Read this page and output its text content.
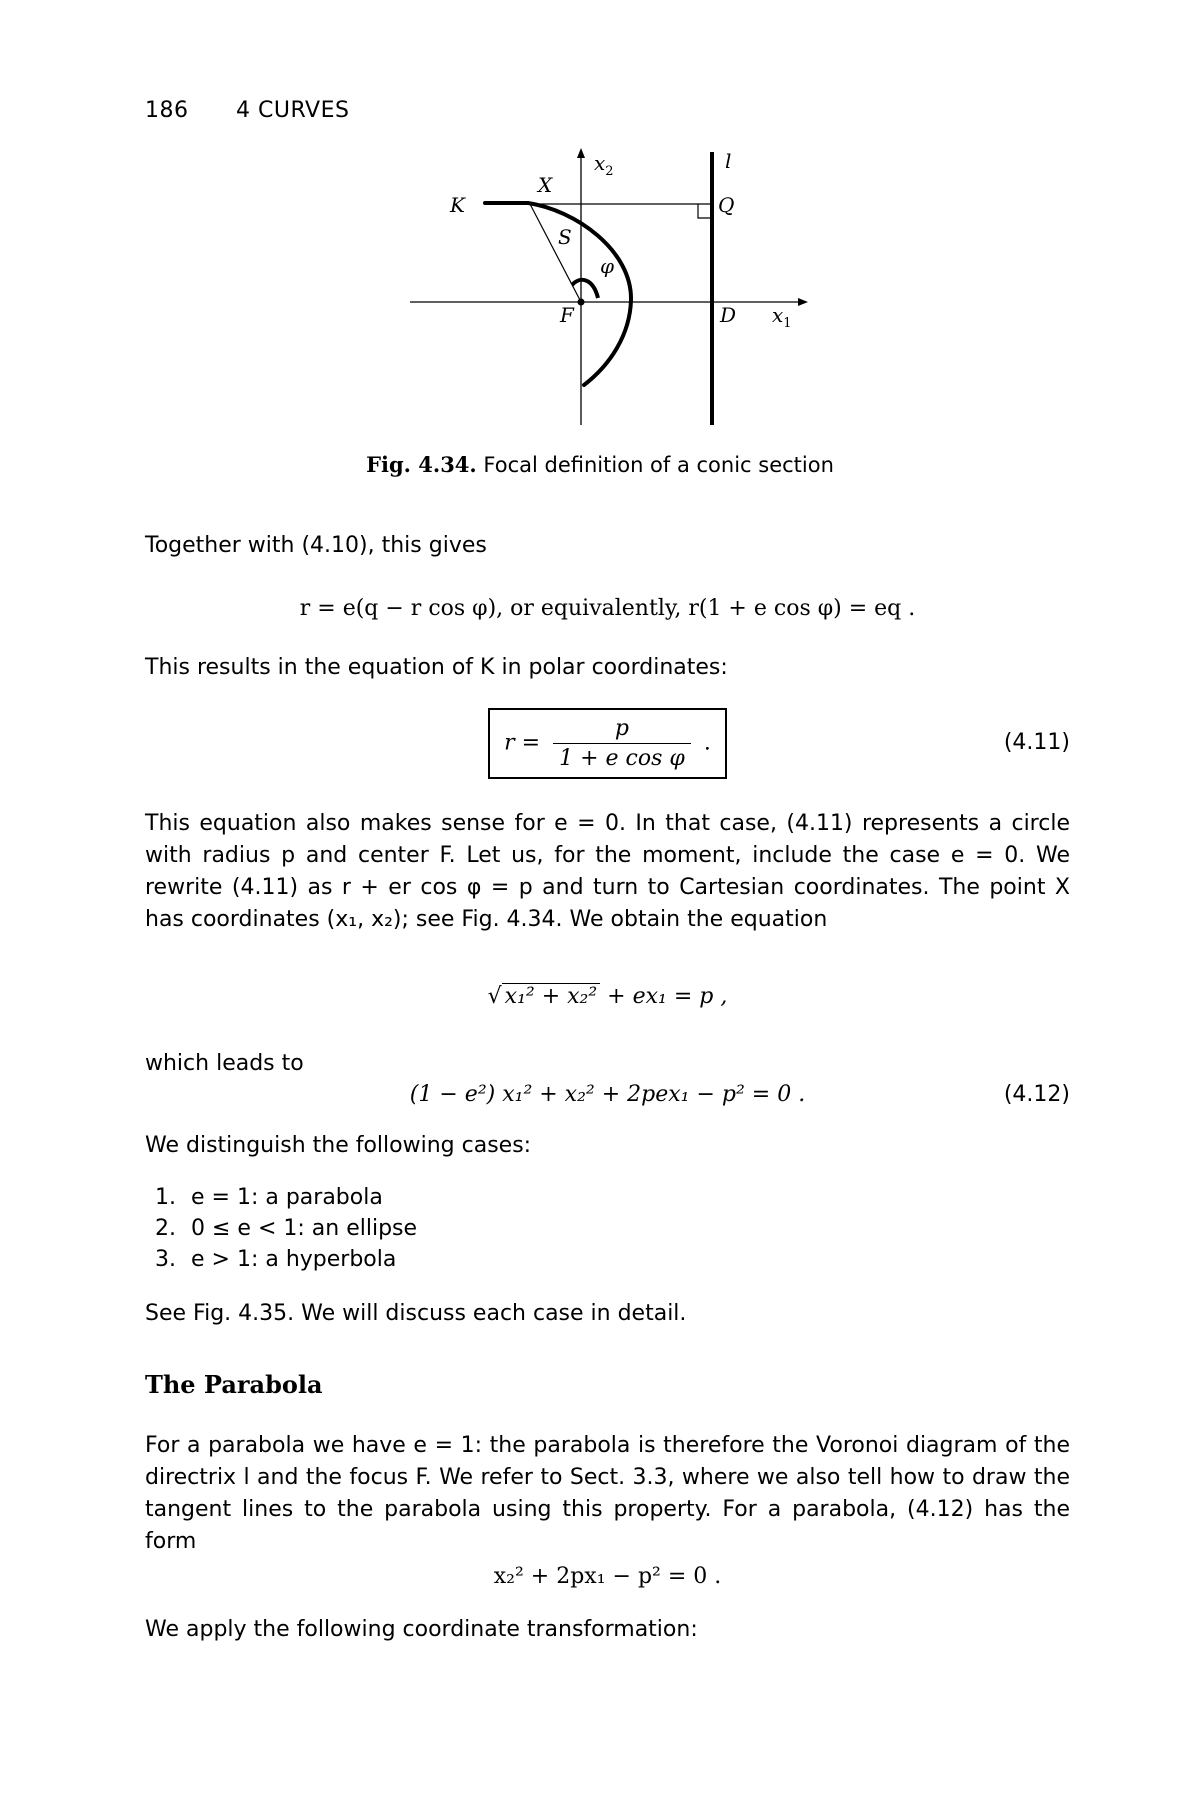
186 4 CURVES
$x_2$	l
Q
K
X
S
φ
F	D $x_1$
Fig. 4.34. Focal definition of a conic section
Together with (4.10), this gives
r = e(q − r cos φ), or equivalently, r(1 + e cos φ) = eq .
This results in the equation of K in polar coordinates:
$r = \frac{p}{\text{1 + e cos φ}}$ .	(4.11)
This equation also makes sense for e = 0. In that case, (4.11) represents a circle with radius p and center F. Let us, for the moment, include the case e = 0. We rewrite (4.11) as r + er cos φ = p and turn to Cartesian coordinates. The point X has coordinates (x₁, x₂); see Fig. 4.34. We obtain the equation
√ x₁² + x₂² + ex₁ = p ,
which leads to
(1 − e²) x₁² + x₂² + 2pex₁ − p² = 0 .	(4.12)
We distinguish the following cases:
1. e = 1: a parabola
2. 0 ≤ e < 1: an ellipse
3. e > 1: a hyperbola
See Fig. 4.35. We will discuss each case in detail.
The Parabola
For a parabola we have e = 1: the parabola is therefore the Voronoi diagram of the directrix l and the focus F. We refer to Sect. 3.3, where we also tell how to draw the tangent lines to the parabola using this property. For a parabola, (4.12) has the form
x₂² + 2px₁ − p² = 0 .
We apply the following coordinate transformation:
